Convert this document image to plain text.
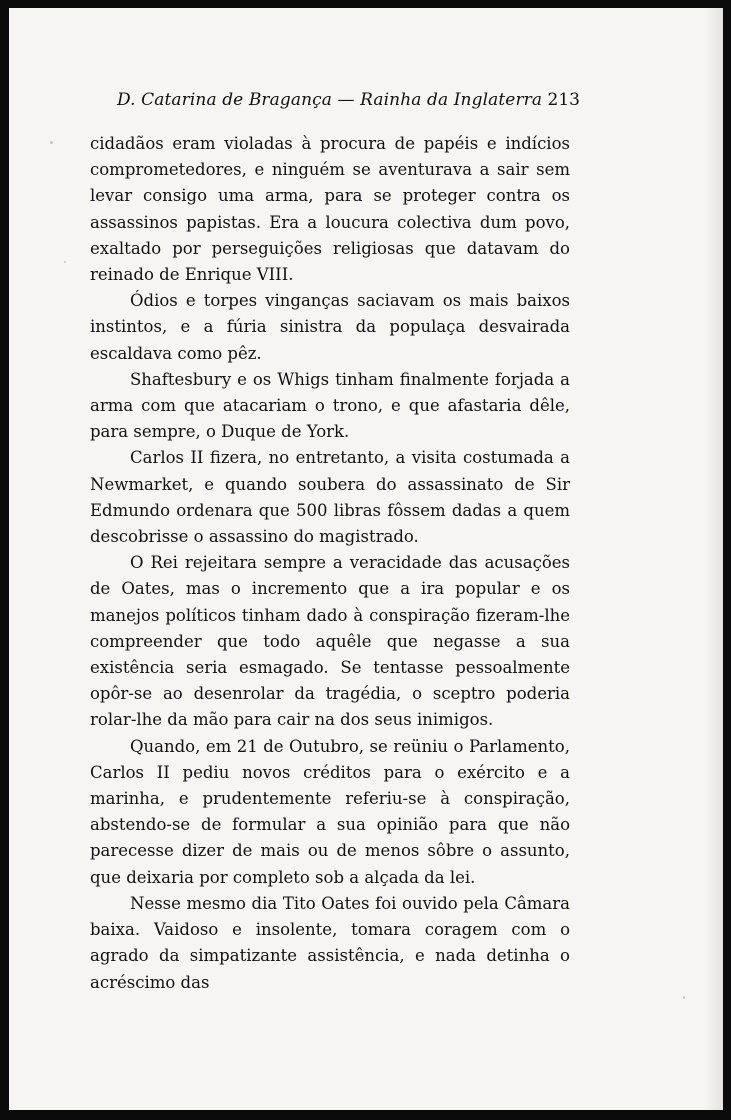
D. Catarina de Bragança — Rainha da Inglaterra 213

cidadãos eram violadas à procura de papéis e indícios comprometedores, e ninguém se aventurava a sair sem levar consigo uma arma, para se proteger contra os assassinos papistas. Era a loucura colectiva dum povo, exaltado por perseguições religiosas que datavam do reinado de Enrique VIII.

Ódios e torpes vinganças saciavam os mais baixos instintos, e a fúria sinistra da populaça desvairada escaldava como pêz.

Shaftesbury e os Whigs tinham finalmente forjada a arma com que atacariam o trono, e que afastaria dêle, para sempre, o Duque de York.

Carlos II fizera, no entretanto, a visita costumada a Newmarket, e quando soubera do assassinato de Sir Edmundo ordenara que 500 libras fôssem dadas a quem descobrisse o assassino do magistrado.

O Rei rejeitara sempre a veracidade das acusações de Oates, mas o incremento que a ira popular e os manejos políticos tinham dado à conspiração fizeram-lhe compreender que todo aquêle que negasse a sua existência seria esmagado. Se tentasse pessoalmente opôr-se ao desenrolar da tragédia, o sceptro poderia rolar-lhe da mão para cair na dos seus inimigos.

Quando, em 21 de Outubro, se reüniu o Parlamento, Carlos II pediu novos créditos para o exército e a marinha, e prudentemente referiu-se à conspiração, abstendo-se de formular a sua opinião para que não parecesse dizer de mais ou de menos sôbre o assunto, que deixaria por completo sob a alçada da lei.

Nesse mesmo dia Tito Oates foi ouvido pela Câmara baixa. Vaidoso e insolente, tomara coragem com o agrado da simpatizante assistência, e nada detinha o acréscimo das
